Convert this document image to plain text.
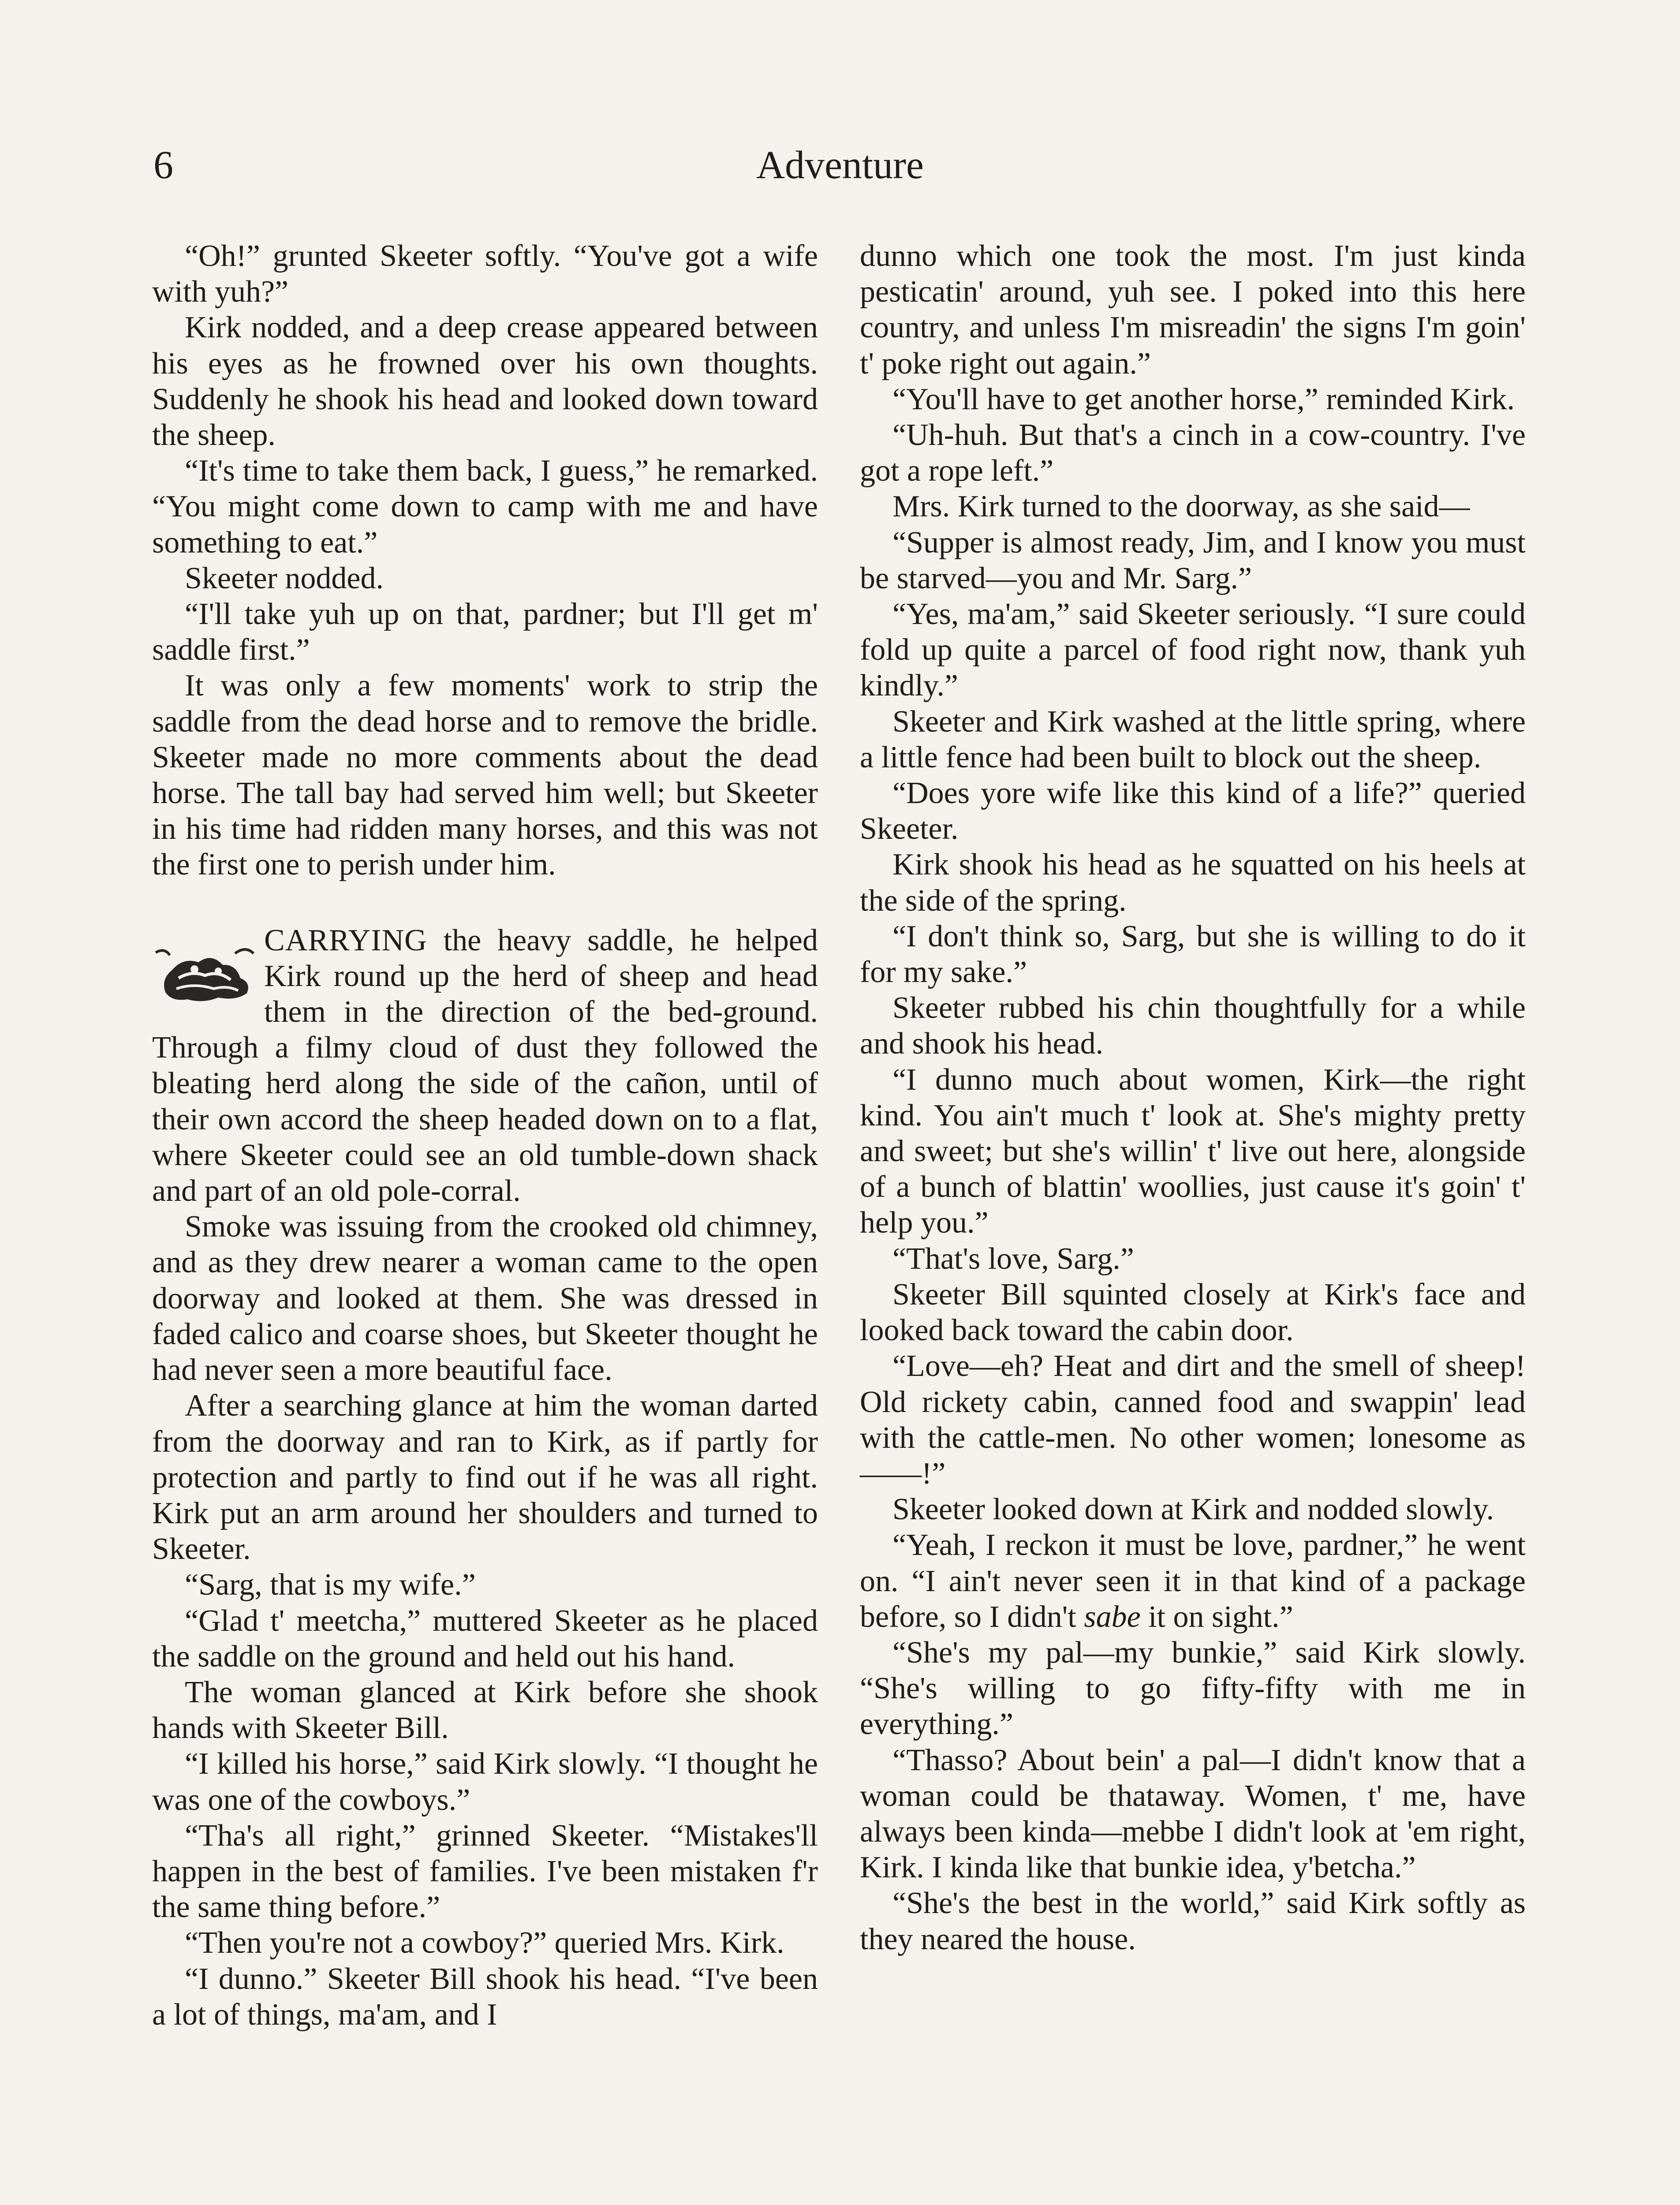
6	Adventure

“Oh!” grunted Skeeter softly. “You've got a wife with yuh?”

Kirk nodded, and a deep crease appeared between his eyes as he frowned over his own thoughts. Suddenly he shook his head and looked down toward the sheep.

“It's time to take them back, I guess,” he remarked. “You might come down to camp with me and have something to eat.”

Skeeter nodded.

“I'll take yuh up on that, pardner; but I'll get m' saddle first.”

It was only a few moments' work to strip the saddle from the dead horse and to remove the bridle. Skeeter made no more comments about the dead horse. The tall bay had served him well; but Skeeter in his time had ridden many horses, and this was not the first one to perish under him.

CARRYING the heavy saddle, he helped Kirk round up the herd of sheep and head them in the direction of the bed-ground. Through a filmy cloud of dust they followed the bleating herd along the side of the cañon, until of their own accord the sheep headed down on to a flat, where Skeeter could see an old tumble-down shack and part of an old pole-corral.

Smoke was issuing from the crooked old chimney, and as they drew nearer a woman came to the open doorway and looked at them. She was dressed in faded calico and coarse shoes, but Skeeter thought he had never seen a more beautiful face.

After a searching glance at him the woman darted from the doorway and ran to Kirk, as if partly for protection and partly to find out if he was all right. Kirk put an arm around her shoulders and turned to Skeeter.

“Sarg, that is my wife.”

“Glad t' meetcha,” muttered Skeeter as he placed the saddle on the ground and held out his hand.

The woman glanced at Kirk before she shook hands with Skeeter Bill.

“I killed his horse,” said Kirk slowly. “I thought he was one of the cowboys.”

“Tha's all right,” grinned Skeeter. “Mistakes'll happen in the best of families. I've been mistaken f'r the same thing before.”

“Then you're not a cowboy?” queried Mrs. Kirk.

“I dunno.” Skeeter Bill shook his head. “I've been a lot of things, ma'am, and I

dunno which one took the most. I'm just kinda pesticatin' around, yuh see. I poked into this here country, and unless I'm misreadin' the signs I'm goin' t' poke right out again.”

“You'll have to get another horse,” reminded Kirk.

“Uh-huh. But that's a cinch in a cow-country. I've got a rope left.”

Mrs. Kirk turned to the doorway, as she said—

“Supper is almost ready, Jim, and I know you must be starved—you and Mr. Sarg.”

“Yes, ma'am,” said Skeeter seriously. “I sure could fold up quite a parcel of food right now, thank yuh kindly.”

Skeeter and Kirk washed at the little spring, where a little fence had been built to block out the sheep.

“Does yore wife like this kind of a life?” queried Skeeter.

Kirk shook his head as he squatted on his heels at the side of the spring.

“I don't think so, Sarg, but she is willing to do it for my sake.”

Skeeter rubbed his chin thoughtfully for a while and shook his head.

“I dunno much about women, Kirk—the right kind. You ain't much t' look at. She's mighty pretty and sweet; but she's willin' t' live out here, alongside of a bunch of blattin' woollies, just cause it's goin' t' help you.”

“That's love, Sarg.”

Skeeter Bill squinted closely at Kirk's face and looked back toward the cabin door.

“Love—eh? Heat and dirt and the smell of sheep! Old rickety cabin, canned food and swappin' lead with the cattle-men. No other women; lonesome as ——!”

Skeeter looked down at Kirk and nodded slowly.

“Yeah, I reckon it must be love, pardner,” he went on. “I ain't never seen it in that kind of a package before, so I didn't sabe it on sight.”

“She's my pal—my bunkie,” said Kirk slowly. “She's willing to go fifty-fifty with me in everything.”

“Thasso? About bein' a pal—I didn't know that a woman could be thataway. Women, t' me, have always been kinda—mebbe I didn't look at 'em right, Kirk. I kinda like that bunkie idea, y'betcha.”

“She's the best in the world,” said Kirk softly as they neared the house.
